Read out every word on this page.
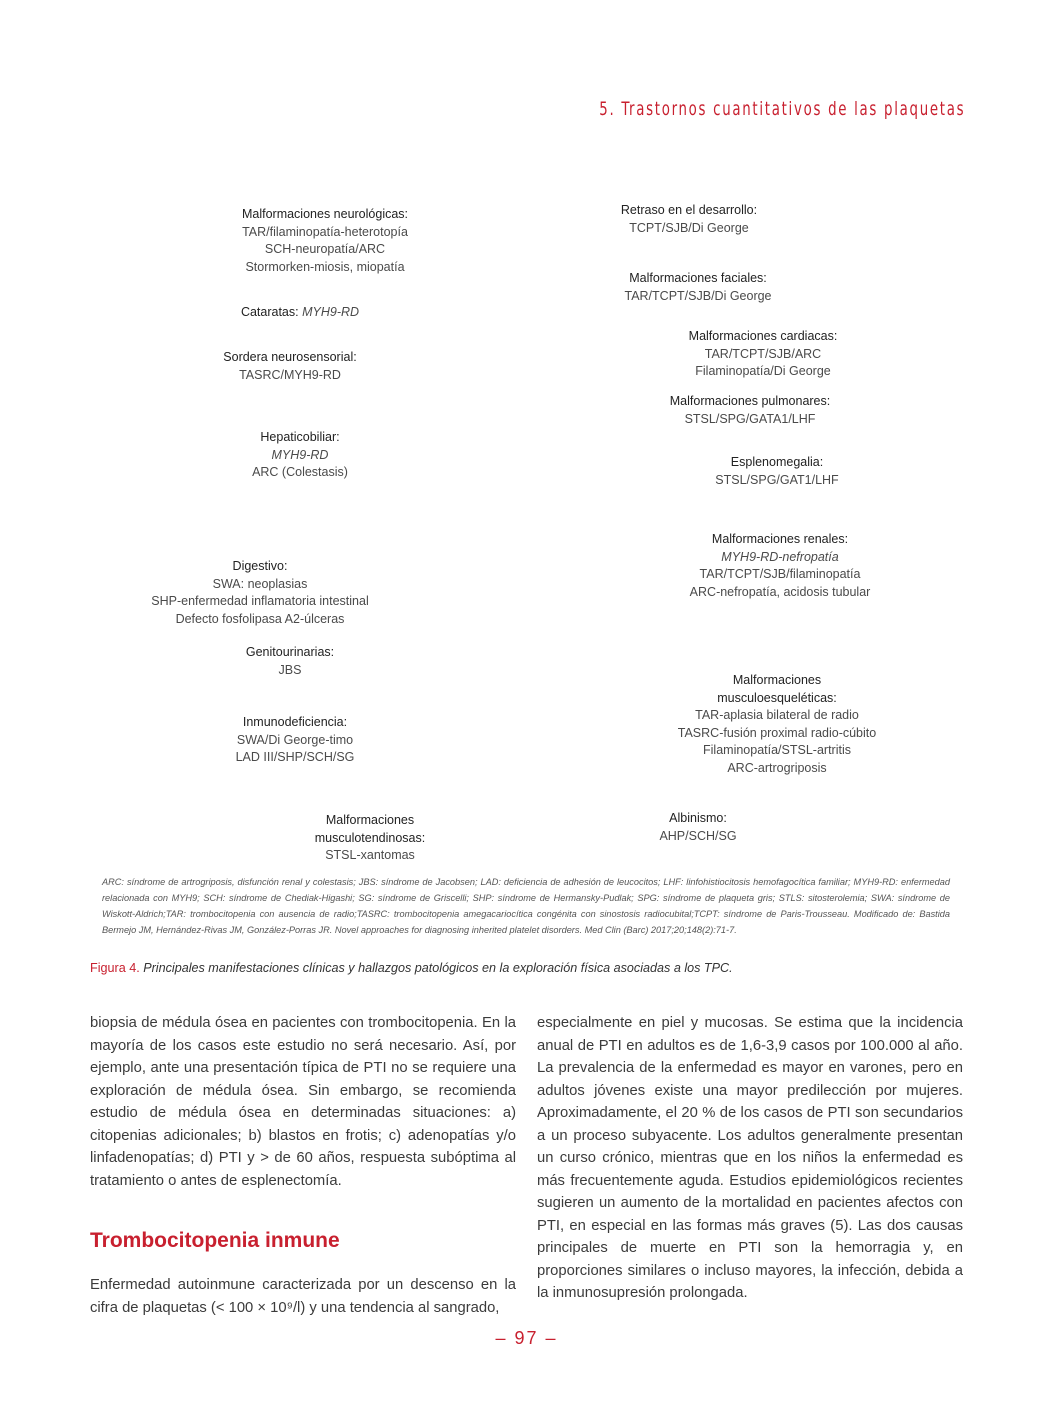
5. Trastornos cuantitativos de las plaquetas
Malformaciones neurológicas:
TAR/filaminopatía-heterotopía
SCH-neuropatía/ARC
Stormorken-miosis, miopatía
Cataratas: MYH9-RD
Sordera neurosensorial:
TASRC/MYH9-RD
Hepaticobiliar:
MYH9-RD
ARC (Colestasis)
Digestivo:
SWA: neoplasias
SHP-enfermedad inflamatoria intestinal
Defecto fosfolipasa A2-úlceras
Genitourinarias:
JBS
Inmunodeficiencia:
SWA/Di George-timo
LAD III/SHP/SCH/SG
Malformaciones musculotendinosas:
STSL-xantomas
Retraso en el desarrollo:
TCPT/SJB/Di George
Malformaciones faciales:
TAR/TCPT/SJB/Di George
Malformaciones cardiacas:
TAR/TCPT/SJB/ARC
Filaminopatía/Di George
Malformaciones pulmonares:
STSL/SPG/GATA1/LHF
Esplenomegalia:
STSL/SPG/GAT1/LHF
Malformaciones renales:
MYH9-RD-nefropatía
TAR/TCPT/SJB/filaminopatía
ARC-nefropatía, acidosis tubular
Malformaciones musculoesqueléticas:
TAR-aplasia bilateral de radio
TASRC-fusión proximal radio-cúbito
Filaminopatía/STSL-artritis
ARC-artrogriposis
Albinismo:
AHP/SCH/SG
ARC: síndrome de artrogriposis, disfunción renal y colestasis; JBS: síndrome de Jacobsen; LAD: deficiencia de adhesión de leucocitos; LHF: linfohistiocitosis hemofagocítica familiar; MYH9-RD: enfermedad relacionada con MYH9; SCH: síndrome de Chediak-Higashi; SG: síndrome de Griscelli; SHP: síndrome de Hermansky-Pudlak; SPG: síndrome de plaqueta gris; STLS: sitosterolemia; SWA: síndrome de Wiskott-Aldrich;TAR: trombocitopenia con ausencia de radio;TASRC: trombocitopenia amegacariocítica congénita con sinostosis radiocubital;TCPT: síndrome de Paris-Trousseau. Modificado de: Bastida Bermejo JM, Hernández-Rivas JM, González-Porras JR. Novel approaches for diagnosing inherited platelet disorders. Med Clin (Barc) 2017;20;148(2):71-7.
Figura 4. Principales manifestaciones clínicas y hallazgos patológicos en la exploración física asociadas a los TPC.

biopsia de médula ósea en pacientes con trombocitopenia. En la mayoría de los casos este estudio no será necesario. Así, por ejemplo, ante una presentación típica de PTI no se requiere una exploración de médula ósea. Sin embargo, se recomienda estudio de médula ósea en determinadas situaciones: a) citopenias adicionales; b) blastos en frotis; c) adenopatías y/o linfadenopatías; d) PTI y > de 60 años, respuesta subóptima al tratamiento o antes de esplenectomía.

Trombocitopenia inmune

Enfermedad autoinmune caracterizada por un descenso en la cifra de plaquetas (< 100 × 10⁹/l) y una tendencia al sangrado,

especialmente en piel y mucosas. Se estima que la incidencia anual de PTI en adultos es de 1,6-3,9 casos por 100.000 al año. La prevalencia de la enfermedad es mayor en varones, pero en adultos jóvenes existe una mayor predilección por mujeres. Aproximadamente, el 20 % de los casos de PTI son secundarios a un proceso subyacente. Los adultos generalmente presentan un curso crónico, mientras que en los niños la enfermedad es más frecuentemente aguda. Estudios epidemiológicos recientes sugieren un aumento de la mortalidad en pacientes afectos con PTI, en especial en las formas más graves (5). Las dos causas principales de muerte en PTI son la hemorragia y, en proporciones similares o incluso mayores, la infección, debida a la inmunosupresión prolongada.

– 97 –
